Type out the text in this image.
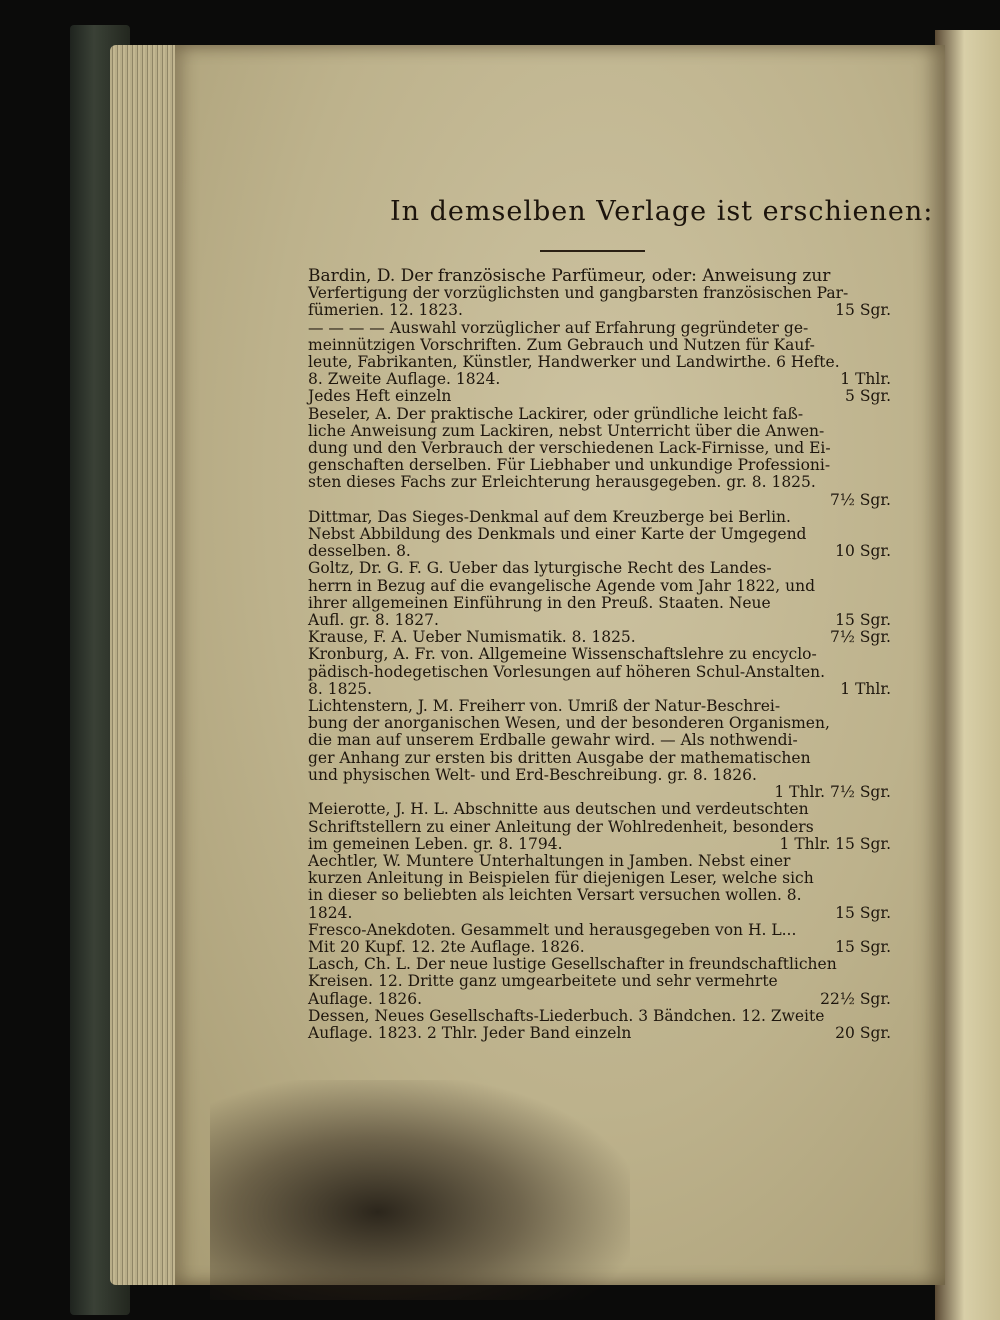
In demselben Verlage ist erschienen:
Bardin, D. Der französische Parfümeur, oder: Anweisung zur
Verfertigung der vorzüglichsten und gangbarsten französischen Par-
fümerien. 12. 1823.	15 Sgr.
— — — — Auswahl vorzüglicher auf Erfahrung gegründeter ge-
meinnützigen Vorschriften. Zum Gebrauch und Nutzen für Kauf-
leute, Fabrikanten, Künstler, Handwerker und Landwirthe. 6 Hefte.
8. Zweite Auflage. 1824.	1 Thlr.
Jedes Heft einzeln	5 Sgr.
Beseler, A. Der praktische Lackirer, oder gründliche leicht faß-
liche Anweisung zum Lackiren, nebst Unterricht über die Anwen-
dung und den Verbrauch der verschiedenen Lack-Firnisse, und Ei-
genschaften derselben. Für Liebhaber und unkundige Professioni-
sten dieses Fachs zur Erleichterung herausgegeben. gr. 8. 1825.
7½ Sgr.
Dittmar, Das Sieges-Denkmal auf dem Kreuzberge bei Berlin.
Nebst Abbildung des Denkmals und einer Karte der Umgegend
desselben. 8.	10 Sgr.
Goltz, Dr. G. F. G. Ueber das lyturgische Recht des Landes-
herrn in Bezug auf die evangelische Agende vom Jahr 1822, und
ihrer allgemeinen Einführung in den Preuß. Staaten. Neue
Aufl. gr. 8. 1827.	15 Sgr.
Krause, F. A. Ueber Numismatik. 8. 1825.	7½ Sgr.
Kronburg, A. Fr. von. Allgemeine Wissenschaftslehre zu encyclo-
pädisch-hodegetischen Vorlesungen auf höheren Schul-Anstalten.
8. 1825.	1 Thlr.
Lichtenstern, J. M. Freiherr von. Umriß der Natur-Beschrei-
bung der anorganischen Wesen, und der besonderen Organismen,
die man auf unserem Erdballe gewahr wird. — Als nothwendi-
ger Anhang zur ersten bis dritten Ausgabe der mathematischen
und physischen Welt- und Erd-Beschreibung. gr. 8. 1826.
1 Thlr. 7½ Sgr.
Meierotte, J. H. L. Abschnitte aus deutschen und verdeutschten
Schriftstellern zu einer Anleitung der Wohlredenheit, besonders
im gemeinen Leben. gr. 8. 1794.	1 Thlr. 15 Sgr.
Aechtler, W. Muntere Unterhaltungen in Jamben. Nebst einer
kurzen Anleitung in Beispielen für diejenigen Leser, welche sich
in dieser so beliebten als leichten Versart versuchen wollen. 8.
1824.	15 Sgr.
Fresco-Anekdoten. Gesammelt und herausgegeben von H. L...
Mit 20 Kupf. 12. 2te Auflage. 1826.	15 Sgr.
Lasch, Ch. L. Der neue lustige Gesellschafter in freundschaftlichen
Kreisen. 12. Dritte ganz umgearbeitete und sehr vermehrte
Auflage. 1826.	22½ Sgr.
Dessen, Neues Gesellschafts-Liederbuch. 3 Bändchen. 12. Zweite
Auflage. 1823. 2 Thlr. Jeder Band einzeln	20 Sgr.
